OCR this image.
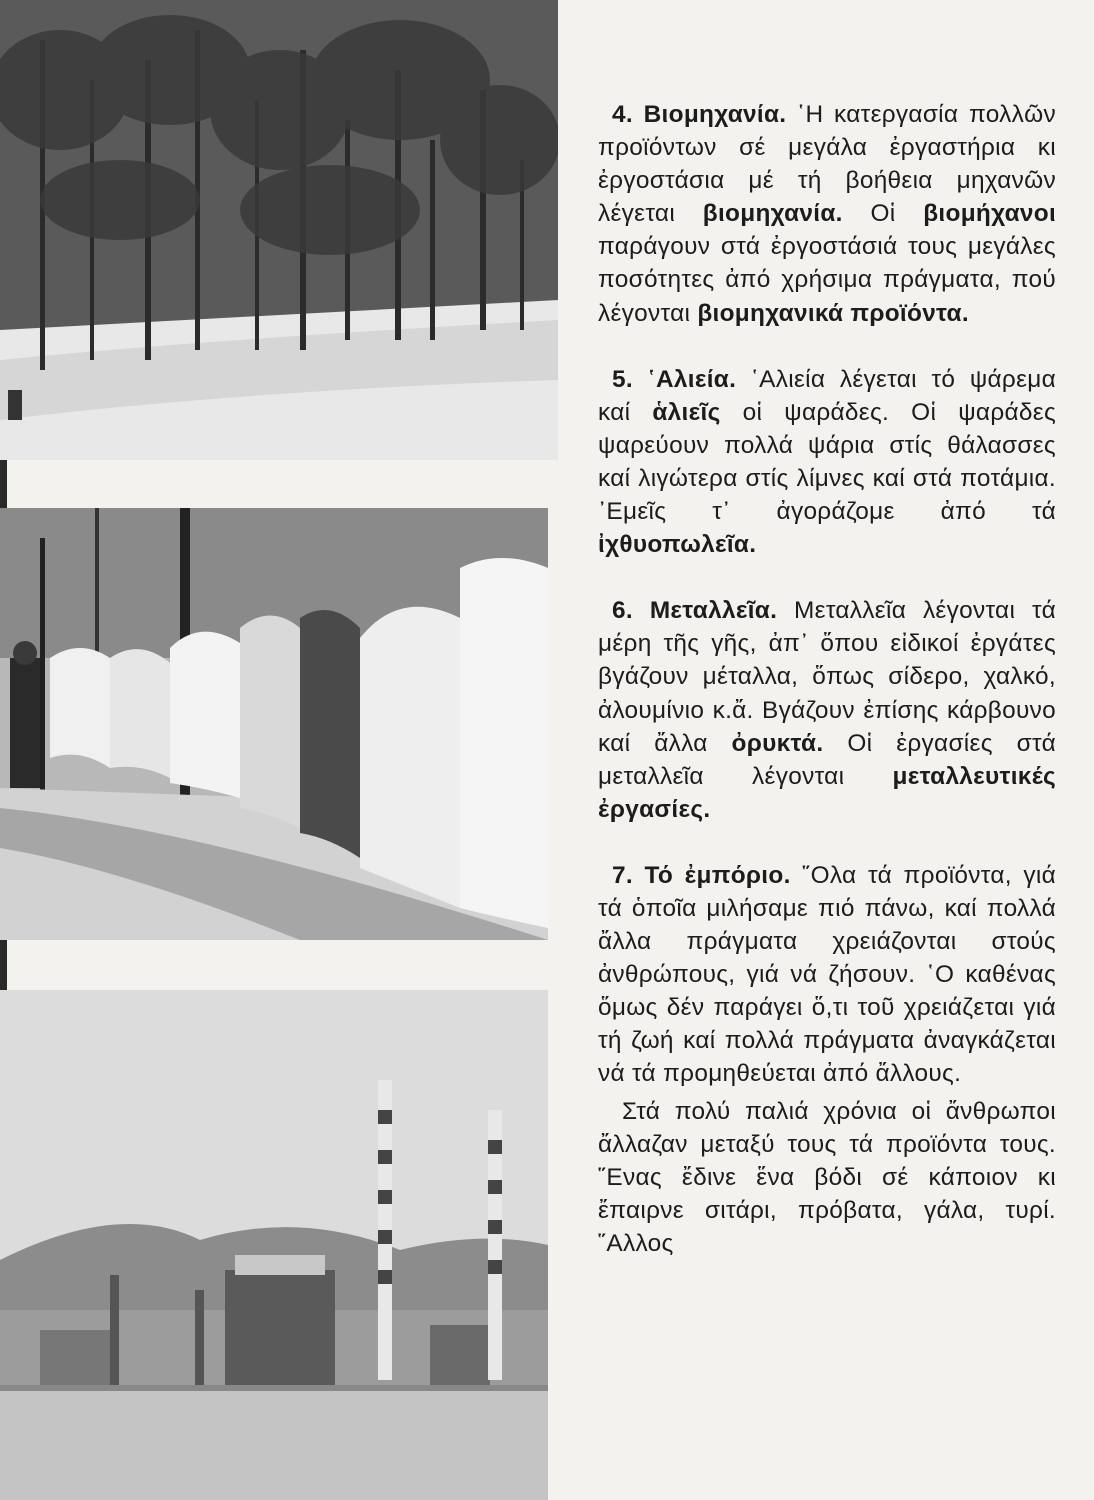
4. Βιομηχανία. ῾Η κατεργασία πολλῶν προϊόντων σέ μεγάλα ἐργαστήρια κι ἐργοστάσια μέ τή βοήθεια μηχανῶν λέγεται βιομηχανία. Οἱ βιομήχανοι παράγουν στά ἐργοστάσιά τους μεγάλες ποσότητες ἀπό χρήσιμα πράγματα, πού λέγονται βιομηχανικά προϊόντα.

5. ῾Αλιεία. ῾Αλιεία λέγεται τό ψάρεμα καί ἁλιεῖς οἱ ψαράδες. Οἱ ψαράδες ψαρεύουν πολλά ψάρια στίς θάλασσες καί λιγώτερα στίς λίμνες καί στά ποτάμια. ᾿Εμεῖς τ᾿ ἀγοράζομε ἀπό τά ἰχθυοπωλεῖα.

6. Μεταλλεῖα. Μεταλλεῖα λέγονται τά μέρη τῆς γῆς, ἀπ᾿ ὅπου εἰδικοί ἐργάτες βγάζουν μέταλλα, ὅπως σίδερο, χαλκό, ἀλουμίνιο κ.ἄ. Βγάζουν ἐπίσης κάρβουνο καί ἄλλα ὀρυκτά. Οἱ ἐργασίες στά μεταλλεῖα λέγονται μεταλλευτικές ἐργασίες.

7. Τό ἐμπόριο. ῞Ολα τά προϊόντα, γιά τά ὁποῖα μιλήσαμε πιό πάνω, καί πολλά ἄλλα πράγματα χρειάζονται στούς ἀνθρώπους, γιά νά ζήσουν. ῾Ο καθένας ὅμως δέν παράγει ὅ,τι τοῦ χρειάζεται γιά τή ζωή καί πολλά πράγματα ἀναγκάζεται νά τά προμηθεύεται ἀπό ἄλλους.

Στά πολύ παλιά χρόνια οἱ ἄνθρωποι ἄλλαζαν μεταξύ τους τά προϊόντα τους. ῞Ενας ἔδινε ἕνα βόδι σέ κάποιον κι ἔπαιρνε σιτάρι, πρόβατα, γάλα, τυρί. ῞Αλλος
